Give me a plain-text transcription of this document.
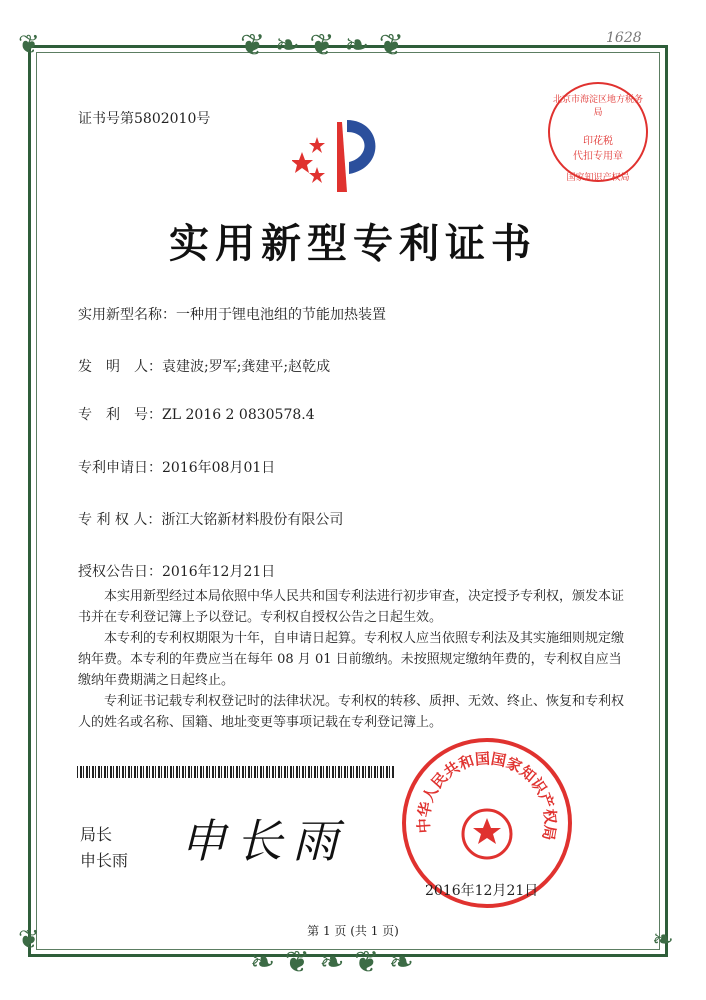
❦ ❧ ❦ ❧ ❦
❦
❦	❧
❧ ❦ ❧ ❦ ❧
1628
证书号第5802010号
北京市海淀区地方税务局
印花税
代扣专用章
国家知识产权局
实用新型专利证书
实用新型名称：一种用于锂电池组的节能加热装置
发　明　人：袁建波;罗军;龚建平;赵乾成
专　利　号：ZL 2016 2 0830578.4
专利申请日：2016年08月01日
专 利 权 人：浙江大铭新材料股份有限公司
授权公告日：2016年12月21日

本实用新型经过本局依照中华人民共和国专利法进行初步审查，决定授予专利权，颁发本证书并在专利登记簿上予以登记。专利权自授权公告之日起生效。

本专利的专利权期限为十年，自申请日起算。专利权人应当依照专利法及其实施细则规定缴纳年费。本专利的年费应当在每年 08 月 01 日前缴纳。未按照规定缴纳年费的，专利权自应当缴纳年费期满之日起终止。

专利证书记载专利权登记时的法律状况。专利权的转移、质押、无效、终止、恢复和专利权人的姓名或名称、国籍、地址变更等事项记载在专利登记簿上。

局长
申长雨 申长雨	中华人民共和国国家知识产权局
2016年12月21日
第 1 页 (共 1 页)
